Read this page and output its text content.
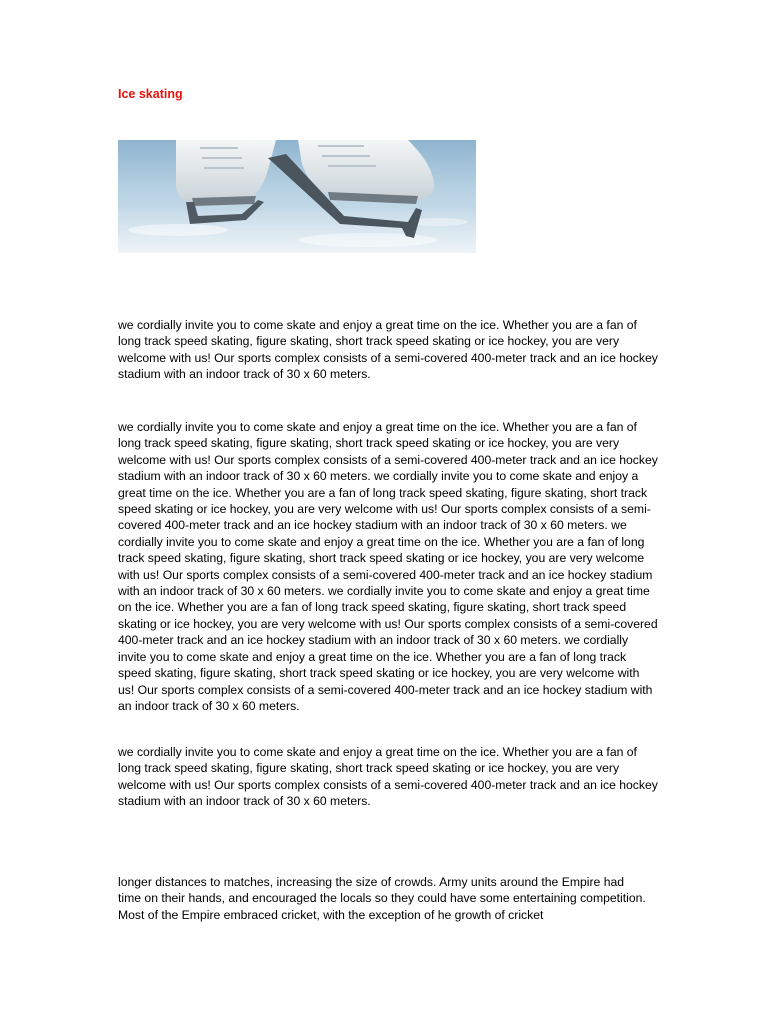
Ice skating

we cordially invite you to come skate and enjoy a great time on the ice. Whether you are a fan of long track speed skating, figure skating, short track speed skating or ice hockey, you are very welcome with us! Our sports complex consists of a semi-covered 400-meter track and an ice hockey stadium with an indoor track of 30 x 60 meters.

we cordially invite you to come skate and enjoy a great time on the ice. Whether you are a fan of long track speed skating, figure skating, short track speed skating or ice hockey, you are very welcome with us! Our sports complex consists of a semi-covered 400-meter track and an ice hockey stadium with an indoor track of 30 x 60 meters. we cordially invite you to come skate and enjoy a great time on the ice. Whether you are a fan of long track speed skating, figure skating, short track speed skating or ice hockey, you are very welcome with us! Our sports complex consists of a semi-covered 400-meter track and an ice hockey stadium with an indoor track of 30 x 60 meters. we cordially invite you to come skate and enjoy a great time on the ice. Whether you are a fan of long track speed skating, figure skating, short track speed skating or ice hockey, you are very welcome with us! Our sports complex consists of a semi-covered 400-meter track and an ice hockey stadium with an indoor track of 30 x 60 meters. we cordially invite you to come skate and enjoy a great time on the ice. Whether you are a fan of long track speed skating, figure skating, short track speed skating or ice hockey, you are very welcome with us! Our sports complex consists of a semi-covered 400-meter track and an ice hockey stadium with an indoor track of 30 x 60 meters. we cordially invite you to come skate and enjoy a great time on the ice. Whether you are a fan of long track speed skating, figure skating, short track speed skating or ice hockey, you are very welcome with us! Our sports complex consists of a semi-covered 400-meter track and an ice hockey stadium with an indoor track of 30 x 60 meters.

we cordially invite you to come skate and enjoy a great time on the ice. Whether you are a fan of long track speed skating, figure skating, short track speed skating or ice hockey, you are very welcome with us! Our sports complex consists of a semi-covered 400-meter track and an ice hockey stadium with an indoor track of 30 x 60 meters.

longer distances to matches, increasing the size of crowds. Army units around the Empire had time on their hands, and encouraged the locals so they could have some entertaining competition. Most of the Empire embraced cricket, with the exception of he growth of cricket
